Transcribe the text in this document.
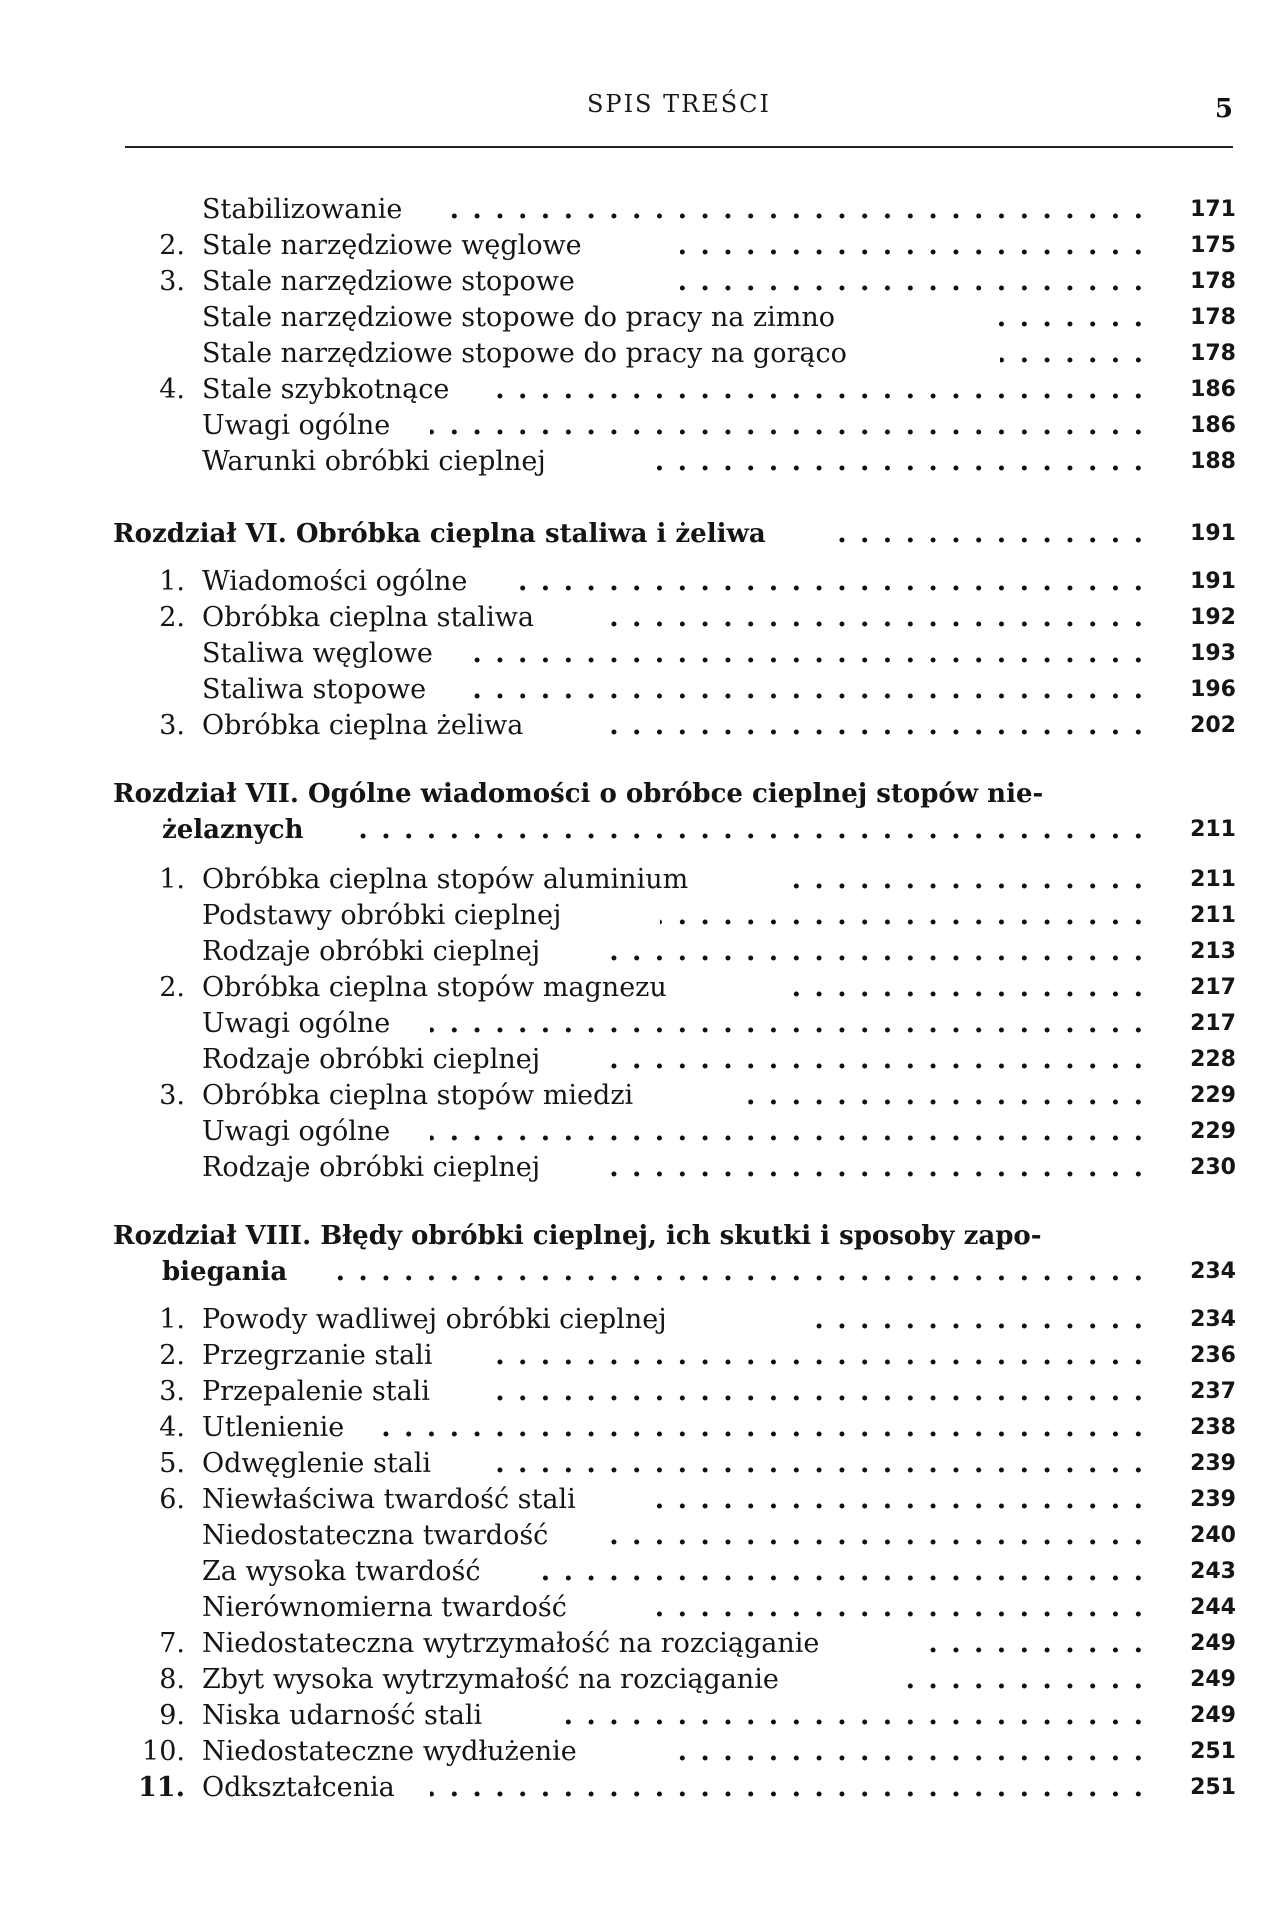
SPIS TREŚCI	5
Stabilizowanie . .	171
2. Stale narzędziowe węglowe . .	175
3. Stale narzędziowe stopowe . .	178
Stale narzędziowe stopowe do pracy na zimno . .	178
Stale narzędziowe stopowe do pracy na gorąco . .	178
4. Stale szybkotnące . .	186
Uwagi ogólne . .	186
Warunki obróbki cieplnej . .	188
Rozdział VI. Obróbka cieplna staliwa i żeliwa . .	191
1. Wiadomości ogólne . .	191
2. Obróbka cieplna staliwa . .	192
Staliwa węglowe . .	193
Staliwa stopowe . .	196
3. Obróbka cieplna żeliwa . .	202
Rozdział VII. Ogólne wiadomości o obróbce cieplnej stopów nie-
żelaznych . .	211
1. Obróbka cieplna stopów aluminium . .	211
Podstawy obróbki cieplnej . .	211
Rodzaje obróbki cieplnej . .	213
2. Obróbka cieplna stopów magnezu . .	217
Uwagi ogólne . .	217
Rodzaje obróbki cieplnej . .	228
3. Obróbka cieplna stopów miedzi . .	229
Uwagi ogólne . .	229
Rodzaje obróbki cieplnej . .	230
Rozdział VIII. Błędy obróbki cieplnej, ich skutki i sposoby zapo-
biegania . .	234
1. Powody wadliwej obróbki cieplnej . .	234
2. Przegrzanie stali . .	236
3. Przepalenie stali . .	237
4. Utlenienie . .	238
5. Odwęglenie stali . .	239
6. Niewłaściwa twardość stali . .	239
Niedostateczna twardość . .	240
Za wysoka twardość . .	243
Nierównomierna twardość . .	244
7. Niedostateczna wytrzymałość na rozciąganie . .	249
8. Zbyt wysoka wytrzymałość na rozciąganie . .	249
9. Niska udarność stali . .	249
10. Niedostateczne wydłużenie . .	251
11. Odkształcenia . .	251
